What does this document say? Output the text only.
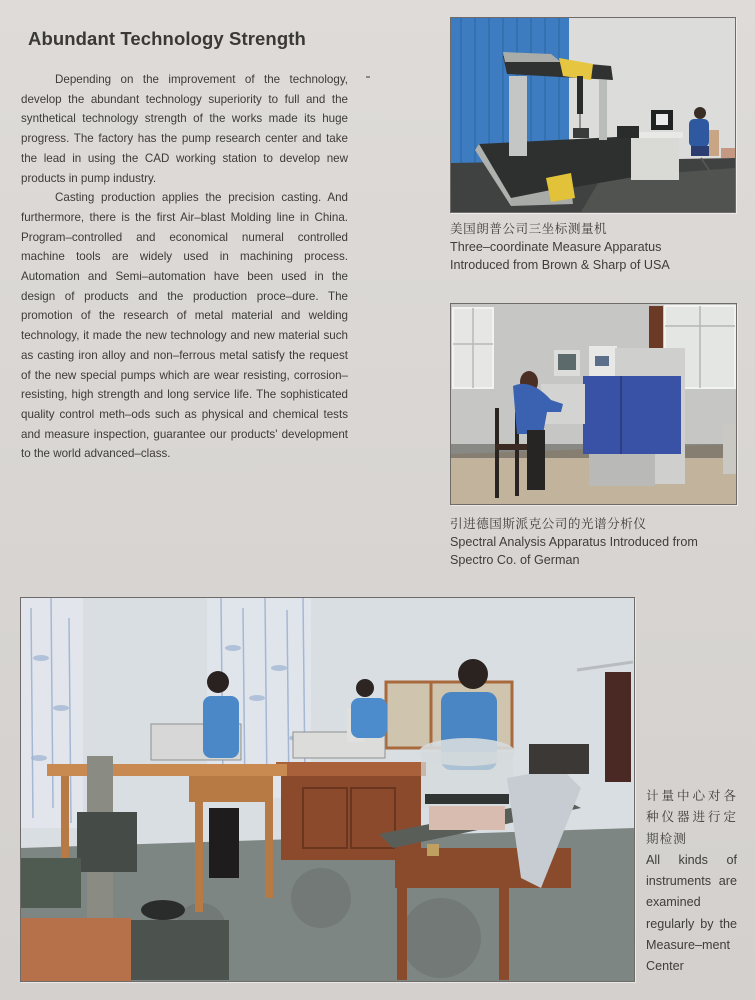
Abundant Technology Strength

Depending on the improvement of the technology, develop the abundant technology superiority to full and the synthetical technology strength of the works made its huge progress. The factory has the pump research center and take the lead in using the CAD working station to develop new products in pump industry.

Casting production applies the precision casting. And furthermore, there is the first Air–blast Molding line in China. Program–controlled and economical numeral controlled machine tools are widely used in machining process. Automation and Semi–automation have been used in the design of products and the production proce–dure. The promotion of the research of metal material and welding technology, it made the new technology and new material such as casting iron alloy and non–ferrous metal satisfy the request of the new special pumps which are wear resisting, corrosion–resisting, high strength and long service life. The sophisticated quality control meth–ods such as physical and chemical tests and measure inspection, guarantee our products' development to the world advanced–class.

美国朗普公司三坐标测量机
Three–coordinate Measure Apparatus
Introduced from Brown & Sharp of USA
引进德国斯派克公司的光谱分析仪
Spectral Analysis Apparatus Introduced from
Spectro Co. of German
计量中心对各种仪器进行定期检测
All kinds of instruments are examined regularly by the Measure–ment Center
